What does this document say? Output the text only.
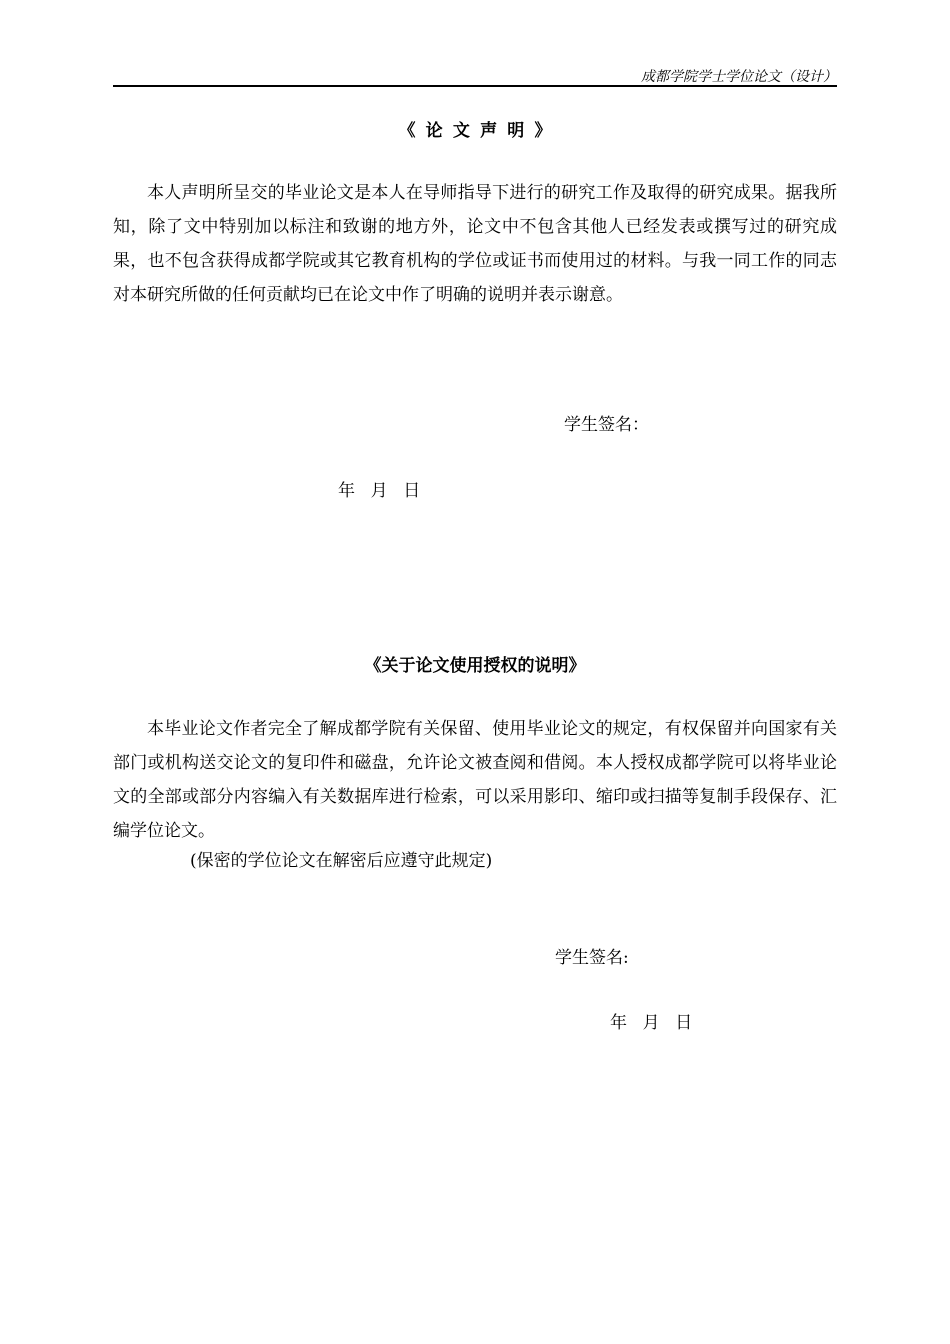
成都学院学士学位论文（设计）
《论文声明》
本人声明所呈交的毕业论文是本人在导师指导下进行的研究工作及取得的研究成果。据我所知，除了文中特别加以标注和致谢的地方外，论文中不包含其他人已经发表或撰写过的研究成果，也不包含获得成都学院或其它教育机构的学位或证书而使用过的材料。与我一同工作的同志对本研究所做的任何贡献均已在论文中作了明确的说明并表示谢意。
学生签名：
年 月 日
《关于论文使用授权的说明》
本毕业论文作者完全了解成都学院有关保留、使用毕业论文的规定，有权保留并向国家有关部门或机构送交论文的复印件和磁盘，允许论文被查阅和借阅。本人授权成都学院可以将毕业论文的全部或部分内容编入有关数据库进行检索，可以采用影印、缩印或扫描等复制手段保存、汇编学位论文。
(保密的学位论文在解密后应遵守此规定)
学生签名:
年 月 日
